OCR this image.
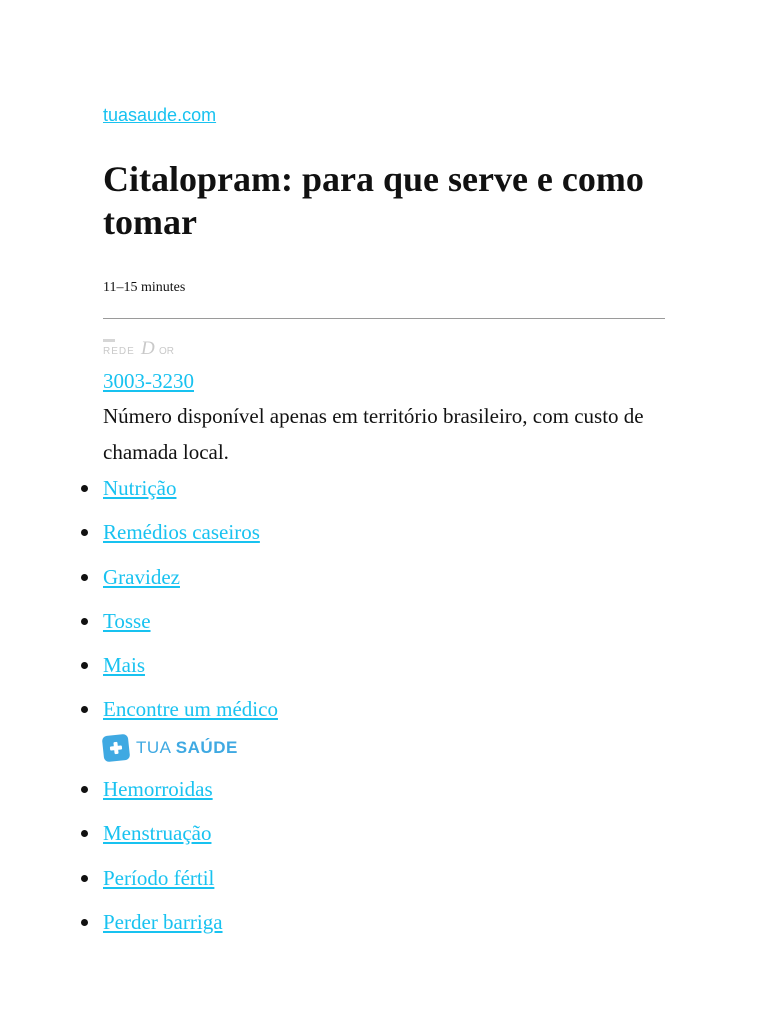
tuasaude.com
Citalopram: para que serve e como tomar
11–15 minutes
REDE D OR
3003-3230
Número disponível apenas em território brasileiro, com custo de chamada local.
Nutrição
Remédios caseiros
Gravidez
Tosse
Mais
Encontre um médico
Hemorroidas
Menstruação
Período fértil
Perder barriga
TUA SAÚDE
